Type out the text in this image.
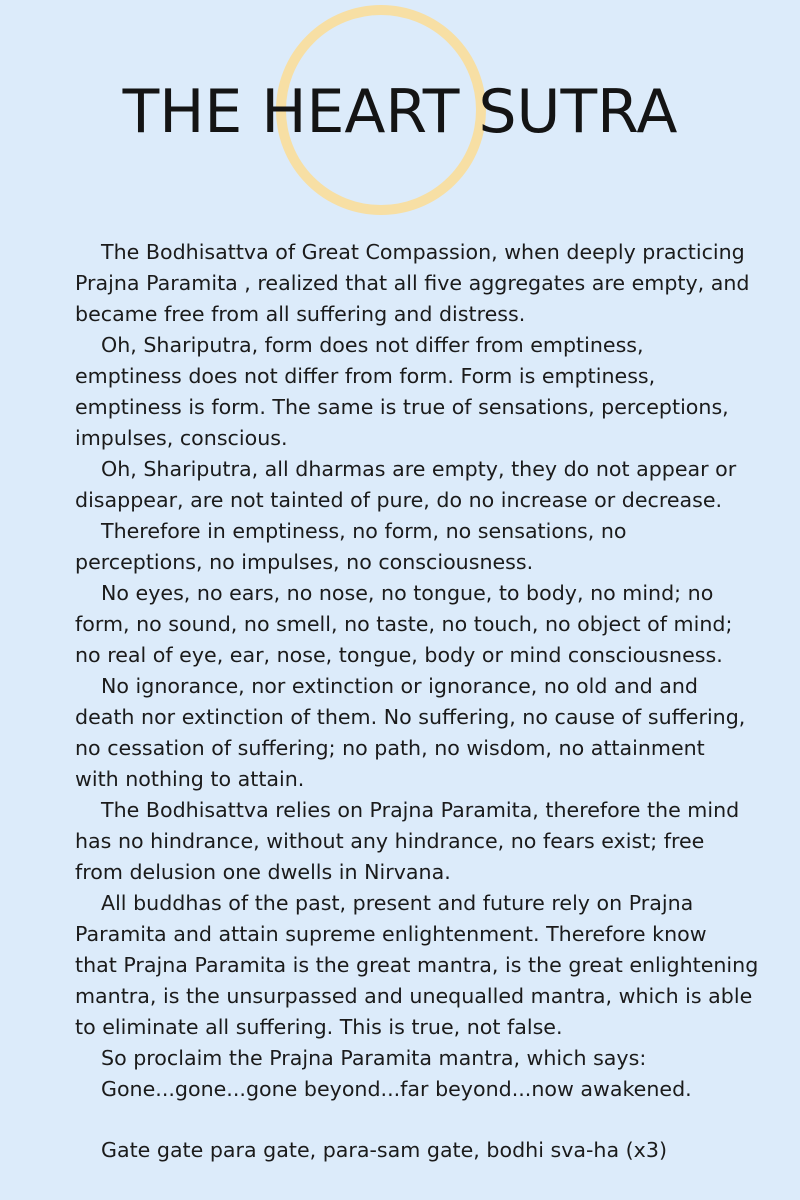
THE HEART SUTRA

The Bodhisattva of Great Compassion, when deeply practicing
Prajna Paramita , realized that all five aggregates are empty, and
became free from all suffering and distress.

Oh, Shariputra, form does not differ from emptiness,
emptiness does not differ from form. Form is emptiness,
emptiness is form. The same is true of sensations, perceptions,
impulses, conscious.

Oh, Shariputra, all dharmas are empty, they do not appear or
disappear, are not tainted of pure, do no increase or decrease.

Therefore in emptiness, no form, no sensations, no
perceptions, no impulses, no consciousness.

No eyes, no ears, no nose, no tongue, to body, no mind; no
form, no sound, no smell, no taste, no touch, no object of mind;
no real of eye, ear, nose, tongue, body or mind consciousness.

No ignorance, nor extinction or ignorance, no old and and
death nor extinction of them. No suffering, no cause of suffering,
no cessation of suffering; no path, no wisdom, no attainment
with nothing to attain.

The Bodhisattva relies on Prajna Paramita, therefore the mind
has no hindrance, without any hindrance, no fears exist; free
from delusion one dwells in Nirvana.

All buddhas of the past, present and future rely on Prajna
Paramita and attain supreme enlightenment. Therefore know
that Prajna Paramita is the great mantra, is the great enlightening
mantra, is the unsurpassed and unequalled mantra, which is able
to eliminate all suffering. This is true, not false.

So proclaim the Prajna Paramita mantra, which says:
Gone...gone...gone beyond...far beyond...now awakened.

Gate gate para gate, para-sam gate, bodhi sva-ha (x3)
